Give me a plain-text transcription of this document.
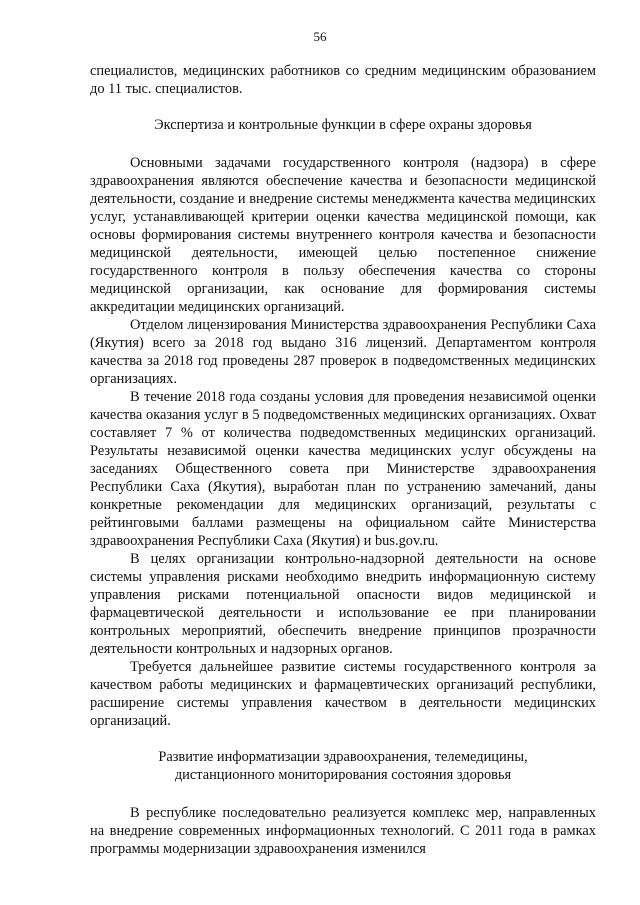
56

специалистов, медицинских работников со средним медицинским образованием до 11 тыс. специалистов.

Экспертиза и контрольные функции в сфере охраны здоровья

Основными задачами государственного контроля (надзора) в сфере здравоохранения являются обеспечение качества и безопасности медицинской деятельности, создание и внедрение системы менеджмента качества медицинских услуг, устанавливающей критерии оценки качества медицинской помощи, как основы формирования системы внутреннего контроля качества и безопасности медицинской деятельности, имеющей целью постепенное снижение государственного контроля в пользу обеспечения качества со стороны медицинской организации, как основание для формирования системы аккредитации медицинских организаций.

Отделом лицензирования Министерства здравоохранения Республики Саха (Якутия) всего за 2018 год выдано 316 лицензий. Департаментом контроля качества за 2018 год проведены 287 проверок в подведомственных медицинских организациях.

В течение 2018 года созданы условия для проведения независимой оценки качества оказания услуг в 5 подведомственных медицинских организациях. Охват составляет 7 % от количества подведомственных медицинских организаций. Результаты независимой оценки качества медицинских услуг обсуждены на заседаниях Общественного совета при Министерстве здравоохранения Республики Саха (Якутия), выработан план по устранению замечаний, даны конкретные рекомендации для медицинских организаций, результаты с рейтинговыми баллами размещены на официальном сайте Министерства здравоохранения Республики Саха (Якутия) и bus.gov.ru.

В целях организации контрольно-надзорной деятельности на основе системы управления рисками необходимо внедрить информационную систему управления рисками потенциальной опасности видов медицинской и фармацевтической деятельности и использование ее при планировании контрольных мероприятий, обеспечить внедрение принципов прозрачности деятельности контрольных и надзорных органов.

Требуется дальнейшее развитие системы государственного контроля за качеством работы медицинских и фармацевтических организаций республики, расширение системы управления качеством в деятельности медицинских организаций.

Развитие информатизации здравоохранения, телемедицины,

дистанционного мониторирования состояния здоровья

В республике последовательно реализуется комплекс мер, направленных на внедрение современных информационных технологий. С 2011 года в рамках программы модернизации здравоохранения изменился
